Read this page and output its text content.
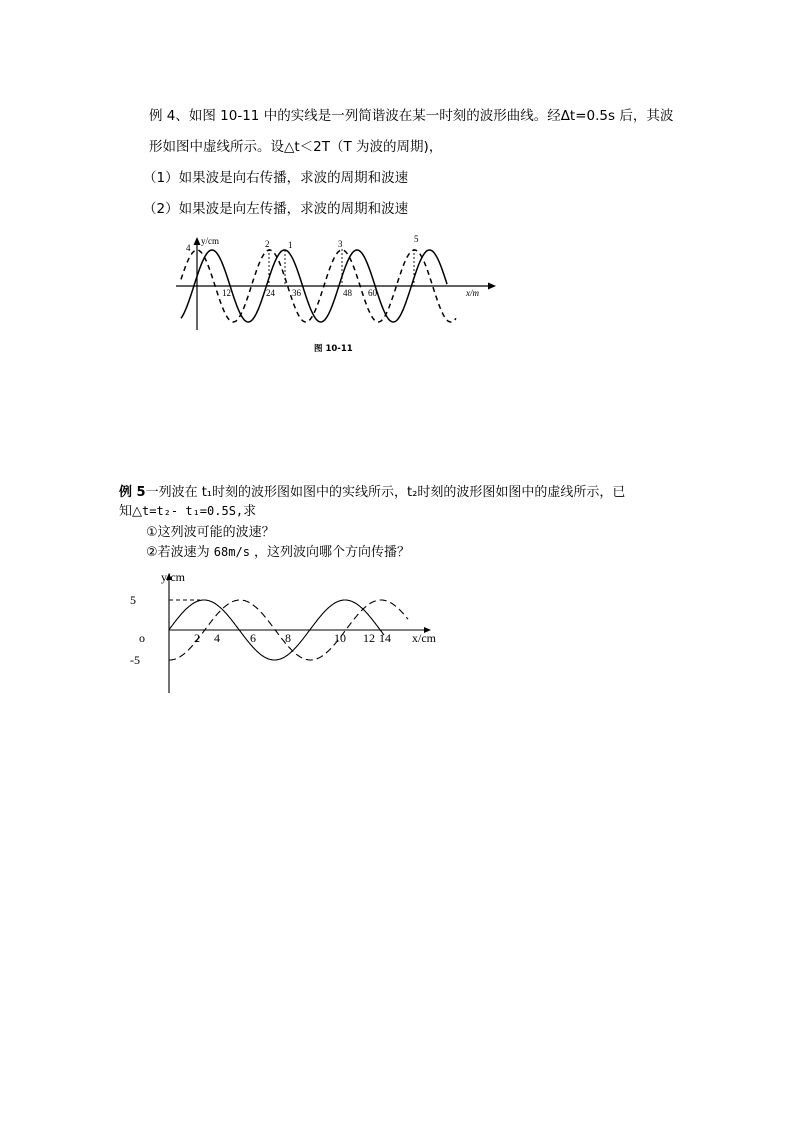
例 4、如图 10-11 中的实线是一列简谐波在某一时刻的波形曲线。经Δt=0.5s 后，其波

形如图中虚线所示。设△t＜2T（T 为波的周期)，

（1）如果波是向右传播，求波的周期和波速

（2）如果波是向左传播，求波的周期和波速

y/cm
x/m
12	24 36	48 60
4	2 1	3	5
图 10-11

例 5一列波在 t₁时刻的波形图如图中的实线所示，t₂时刻的波形图如图中的虚线所示，已

知△t=t₂- t₁=0.5S,求

①这列波可能的波速？

②若波速为 68m/s ，这列波向哪个方向传播？

y/cm
x/cm
o
5
-5
2 4	6 8	10 12 14
